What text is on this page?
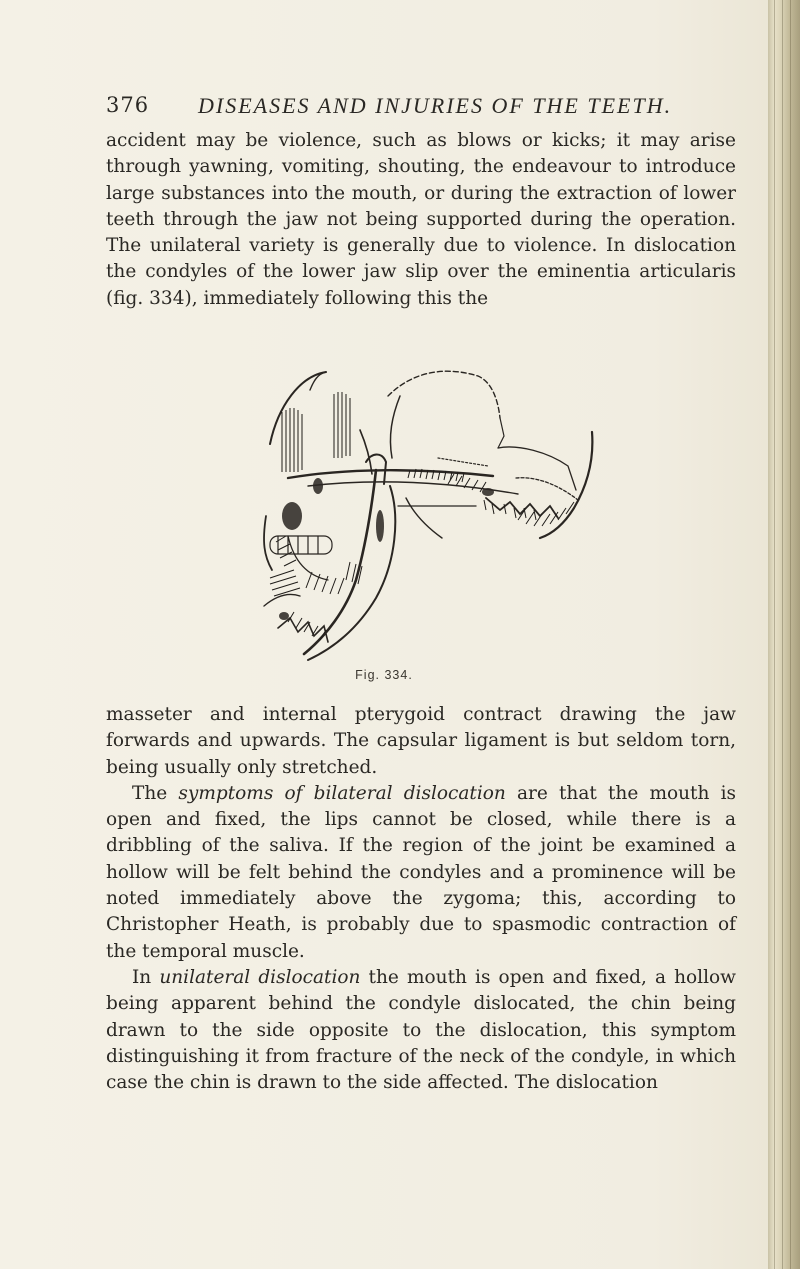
376 DISEASES AND INJURIES OF THE TEETH.

accident may be violence, such as blows or kicks; it may arise through yawning, vomiting, shouting, the endeavour to introduce large substances into the mouth, or during the extraction of lower teeth through the jaw not being supported during the operation. The unilateral variety is generally due to violence. In dislocation the condyles of the lower jaw slip over the eminentia articularis (fig. 334), immediately following this the

Fig. 334.

masseter and internal pterygoid contract drawing the jaw forwards and upwards. The capsular ligament is but seldom torn, being usually only stretched.

The symptoms of bilateral dislocation are that the mouth is open and fixed, the lips cannot be closed, while there is a dribbling of the saliva. If the region of the joint be examined a hollow will be felt behind the condyles and a prominence will be noted immediately above the zygoma; this, according to Christopher Heath, is probably due to spasmodic contraction of the temporal muscle.

In unilateral dislocation the mouth is open and fixed, a hollow being apparent behind the condyle dislocated, the chin being drawn to the side opposite to the dislocation, this symptom distinguishing it from fracture of the neck of the condyle, in which case the chin is drawn to the side affected. The dislocation
